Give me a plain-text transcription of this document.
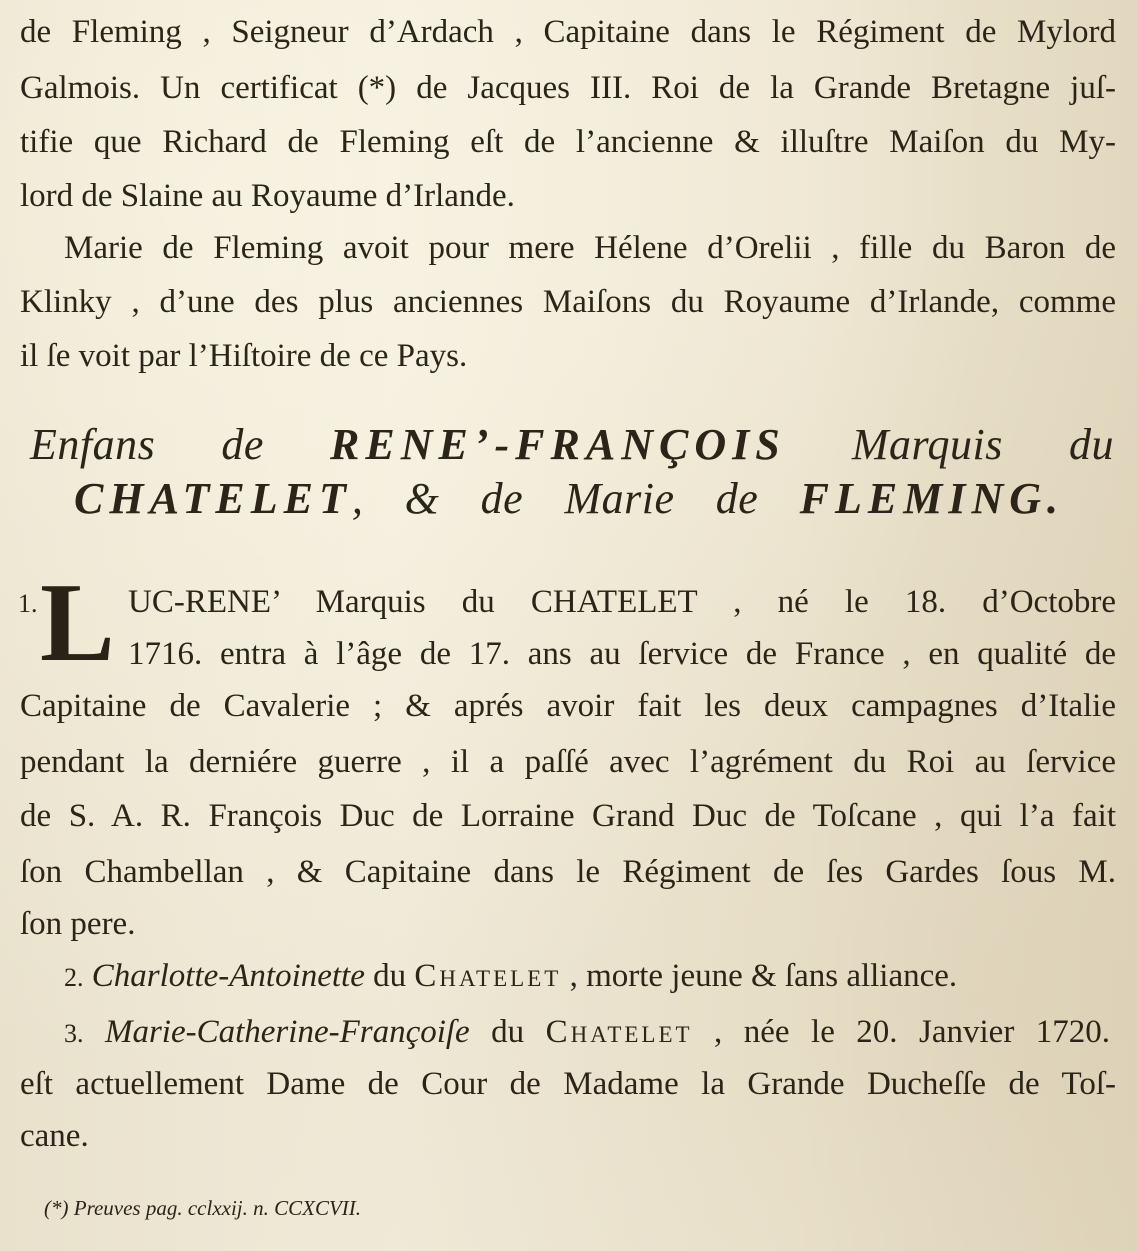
de Fleming , Seigneur d’Ardach , Capitaine dans le Régiment de Mylord
Galmois. Un certificat (*) de Jacques III. Roi de la Grande Bretagne juſ-
tifie que Richard de Fleming eſt de l’ancienne & illuſtre Maiſon du My-
lord de Slaine au Royaume d’Irlande.
Marie de Fleming avoit pour mere Hélene d’Orelii , fille du Baron de
Klinky , d’une des plus anciennes Maiſons du Royaume d’Irlande, comme
il ſe voit par l’Hiſtoire de ce Pays.
Enfans de RENE’-FRANÇOIS Marquis du
CHATELET, & de Marie de FLEMING.
1. L UC-RENE’ Marquis du CHATELET , né le 18. d’Octobre
1716. entra à l’âge de 17. ans au ſervice de France , en qualité de
Capitaine de Cavalerie ; & aprés avoir fait les deux campagnes d’Italie
pendant la derniére guerre , il a paſſé avec l’agrément du Roi au ſervice
de S. A. R. François Duc de Lorraine Grand Duc de Toſcane , qui l’a fait
ſon Chambellan , & Capitaine dans le Régiment de ſes Gardes ſous M.
ſon pere.
2. Charlotte-Antoinette du Chatelet , morte jeune & ſans alliance.
3. Marie-Catherine-Françoiſe du Chatelet , née le 20. Janvier 1720.
eſt actuellement Dame de Cour de Madame la Grande Ducheſſe de Toſ-
cane.
(*) Preuves pag. cclxxij. n. CCXCVII.
